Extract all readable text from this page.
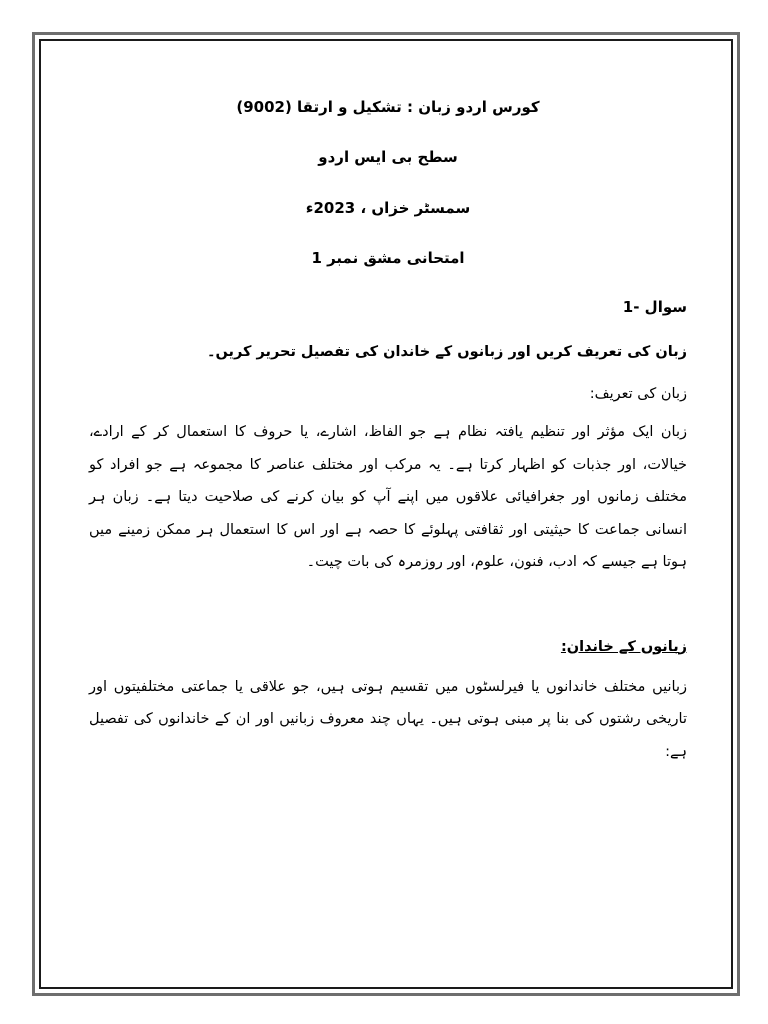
کورس اردو زبان : تشکیل و ارتقا (9002)

سطح بی ایس اردو

سمسٹر خزاں ، 2023ء

امتحانی مشق نمبر 1

سوال -1
زبان کی تعریف کریں اور زبانوں کے خاندان کی تفصیل تحریر کریں۔
زبان کی تعریف:
زبان ایک مؤثر اور تنظیم یافتہ نظام ہے جو الفاظ، اشارے، یا حروف کا استعمال کر کے ارادے، خیالات، اور جذبات کو اظہار کرتا ہے۔ یہ مرکب اور مختلف عناصر کا مجموعہ ہے جو افراد کو مختلف زمانوں اور جغرافیائی علاقوں میں اپنے آپ کو بیان کرنے کی صلاحیت دیتا ہے۔ زبان ہر انسانی جماعت کا حیثیتی اور ثقافتی پہلوئے کا حصہ ہے اور اس کا استعمال ہر ممکن زمینے میں ہوتا ہے جیسے کہ ادب، فنون، علوم، اور روزمرہ کی بات چیت۔
زبانوں کے خاندان:
زبانیں مختلف خاندانوں یا فیرلسٹوں میں تقسیم ہوتی ہیں، جو علاقی یا جماعتی مختلفیتوں اور تاریخی رشتوں کی بنا پر مبنی ہوتی ہیں۔ یہاں چند معروف زبانیں اور ان کے خاندانوں کی تفصیل ہے:
